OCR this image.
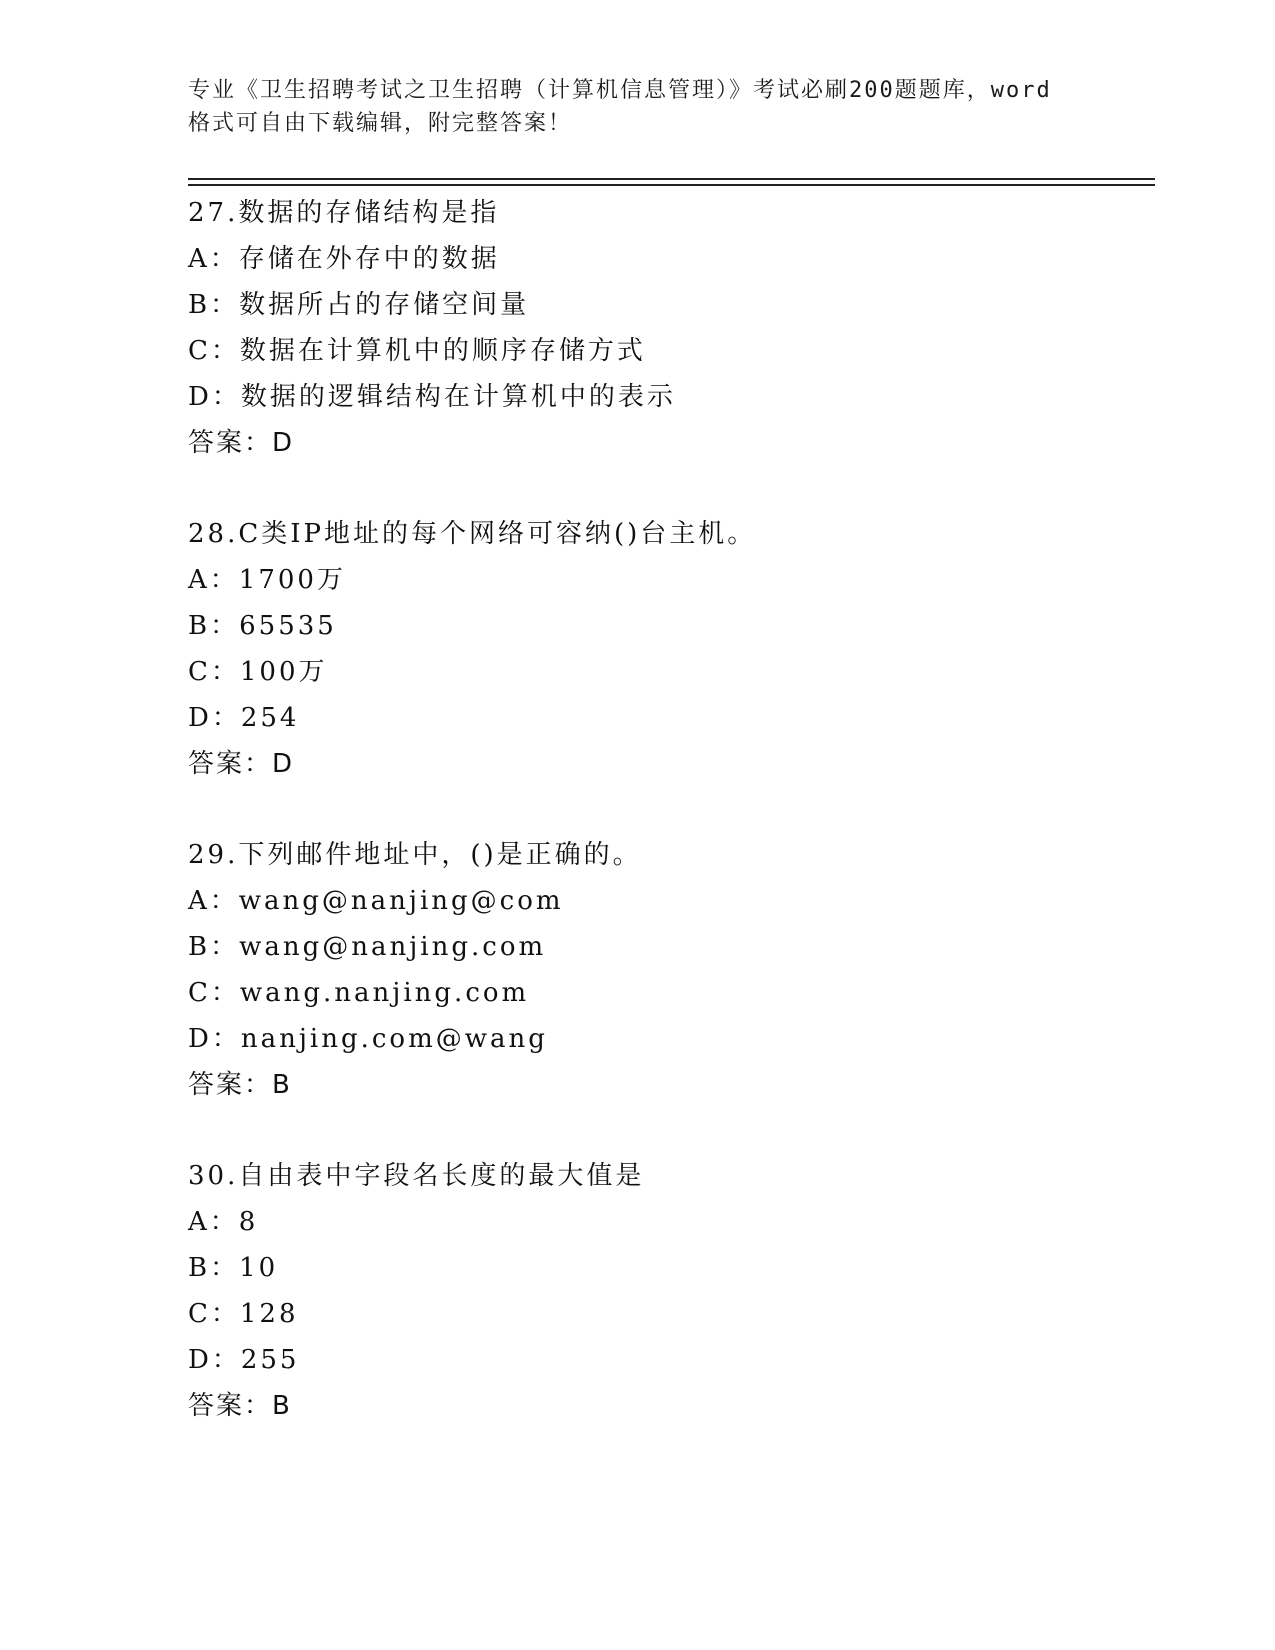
专业《卫生招聘考试之卫生招聘（计算机信息管理）》考试必刷200题题库，word
格式可自由下载编辑，附完整答案！
27.数据的存储结构是指
A：存储在外存中的数据
B：数据所占的存储空间量
C：数据在计算机中的顺序存储方式
D：数据的逻辑结构在计算机中的表示
答案：D
28.C类IP地址的每个网络可容纳()台主机。
A：1700万
B：65535
C：100万
D：254
答案：D
29.下列邮件地址中，()是正确的。
A：wang@nanjing@com
B：wang@nanjing.com
C：wang.nanjing.com
D：nanjing.com@wang
答案：B
30.自由表中字段名长度的最大值是
A：8
B：10
C：128
D：255
答案：B
